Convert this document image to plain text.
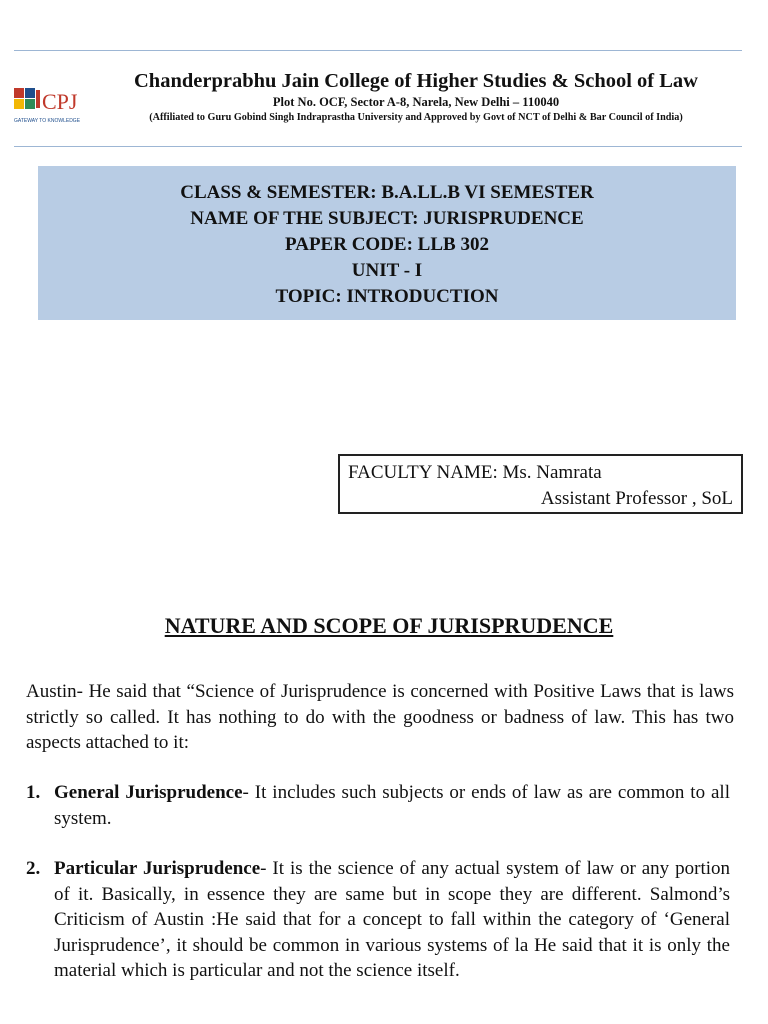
CPJ
GATEWAY TO KNOWLEDGE
Chanderprabhu Jain College of Higher Studies & School of Law
Plot No. OCF, Sector A-8, Narela, New Delhi – 110040
(Affiliated to Guru Gobind Singh Indraprastha University and Approved by Govt of NCT of Delhi & Bar Council of India)
CLASS & SEMESTER: B.A.LL.B VI SEMESTER
NAME OF THE SUBJECT: JURISPRUDENCE
PAPER CODE: LLB 302
UNIT - I
TOPIC: INTRODUCTION
FACULTY NAME: Ms. Namrata
Assistant Professor , SoL
NATURE AND SCOPE OF JURISPRUDENCE
Austin- He said that “Science of Jurisprudence is concerned with Positive Laws that is laws strictly so called. It has nothing to do with the goodness or badness of law. This has two aspects attached to it:
1. General Jurisprudence- It includes such subjects or ends of law as are common to all system.
2. Particular Jurisprudence- It is the science of any actual system of law or any portion of it. Basically, in essence they are same but in scope they are different. Salmond’s Criticism of Austin :He said that for a concept to fall within the category of ‘General Jurisprudence’, it should be common in various systems of la He said that it is only the material which is particular and not the science itself.
